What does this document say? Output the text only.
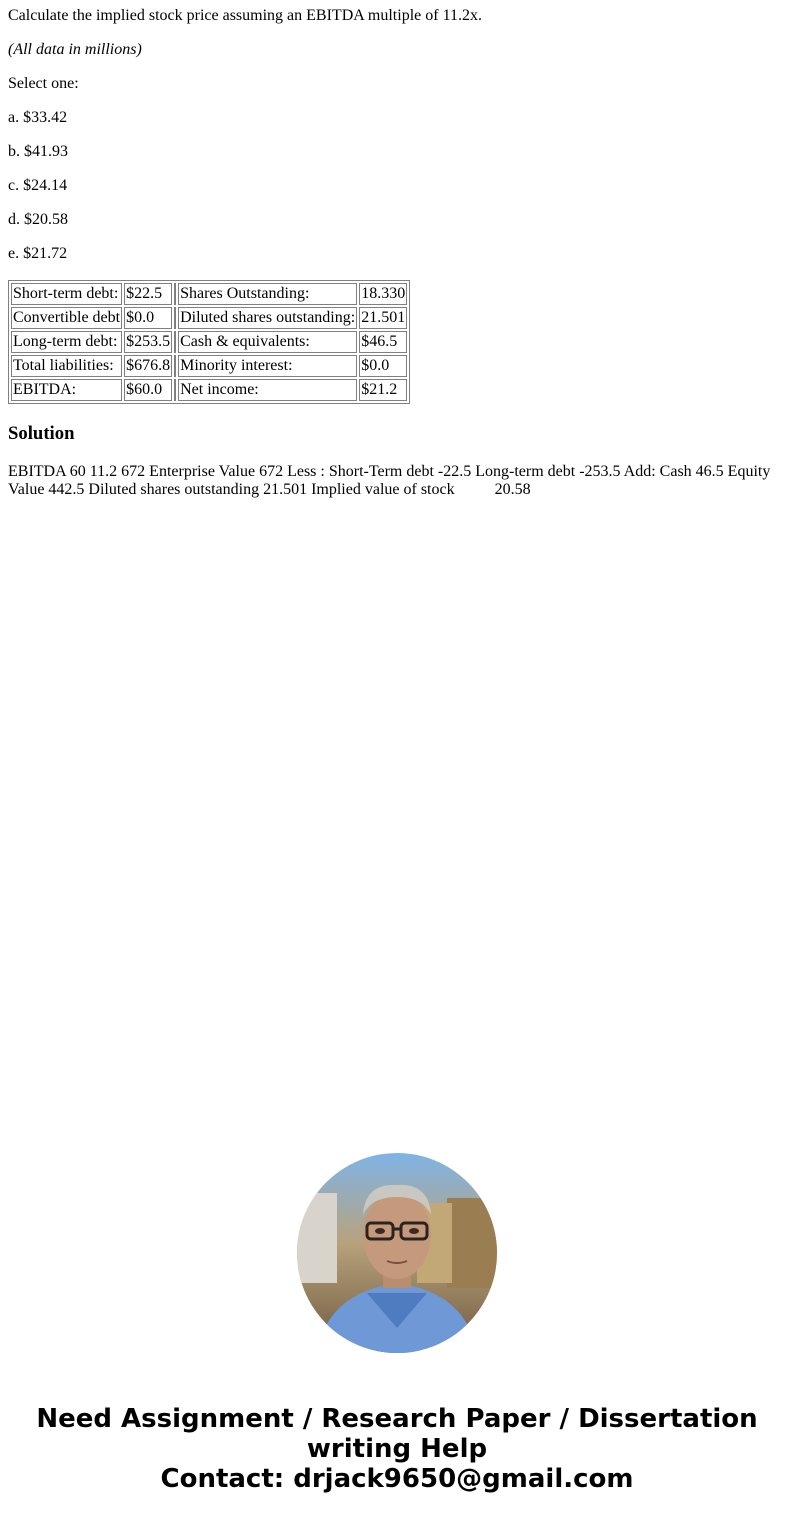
Calculate the implied stock price assuming an EBITDA multiple of 11.2x.

(All data in millions)

Select one:

a. $33.42

b. $41.93

c. $24.14

d. $20.58

e. $21.72

Short-term debt:	$22.5		Shares Outstanding:	18.330
Convertible debt	$0.0		Diluted shares outstanding:	21.501
Long-term debt:	$253.5		Cash & equivalents:	$46.5
Total liabilities:	$676.8		Minority interest:	$0.0
EBITDA:	$60.0		Net income:	$21.2
Solution
EBITDA 60 11.2 672 Enterprise Value 672 Less : Short-Term debt -22.5 Long-term debt -253.5 Add: Cash 46.5 Equity Value 442.5 Diluted shares outstanding 21.501 Implied value of stock          20.58
Need Assignment / Research Paper / Dissertation
writing Help
Contact: drjack9650@gmail.com
